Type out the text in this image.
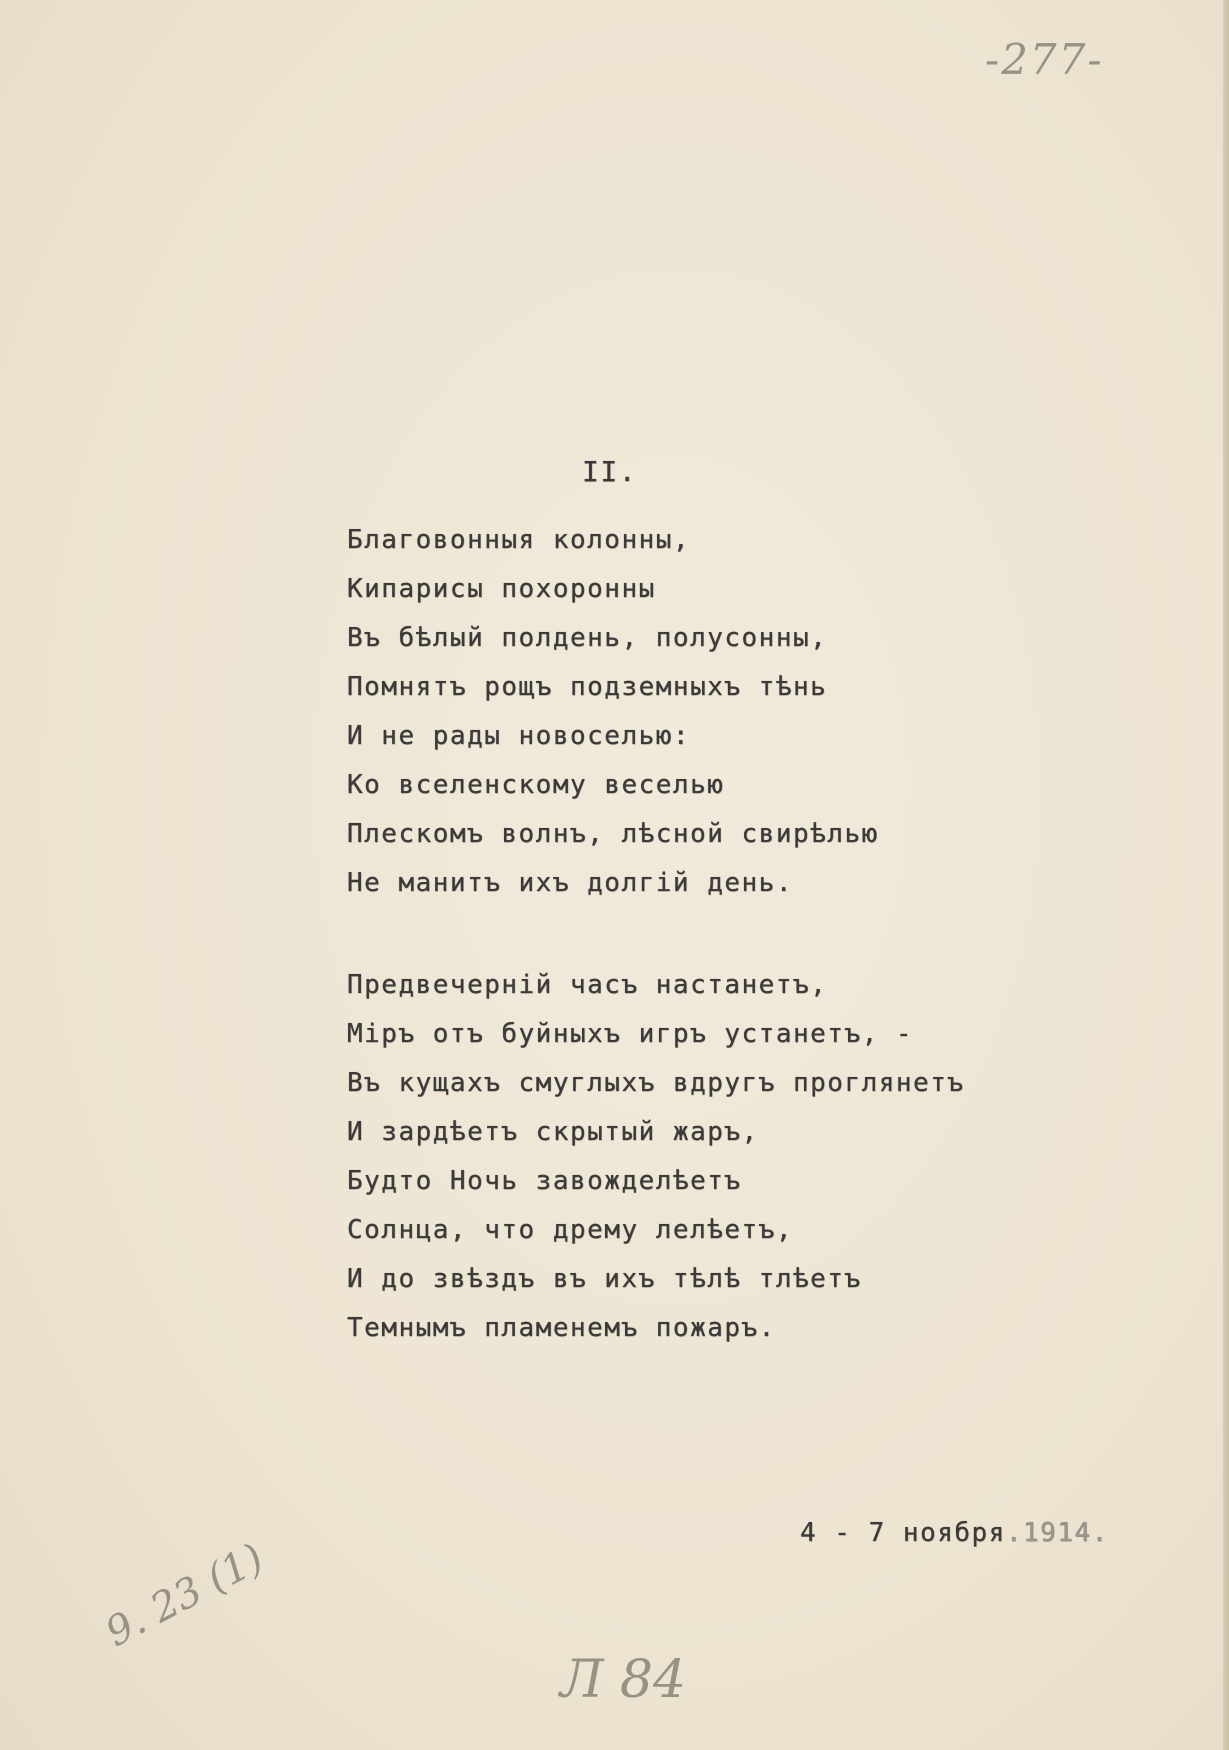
-277-
II.
Благовонныя колонны,
Кипарисы похоронны
Въ бѣлый полдень, полусонны,
Помнятъ рощъ подземныхъ тѣнь
И не рады новоселью:
Ко вселенскому веселью
Плескомъ волнъ, лѣсной свирѣлью
Не манитъ ихъ долгій день.
Предвечерній часъ настанетъ,
Міръ отъ буйныхъ игръ устанетъ, -
Въ кущахъ смуглыхъ вдругъ проглянетъ
И зардѣетъ скрытый жаръ,
Будто Ночь завожделѣетъ
Солнца, что дрему лелѣетъ,
И до звѣздъ въ ихъ тѣлѣ тлѣетъ
Темнымъ пламенемъ пожаръ.
4 - 7 ноября.1914.
9. 23 (1)
Л 84
